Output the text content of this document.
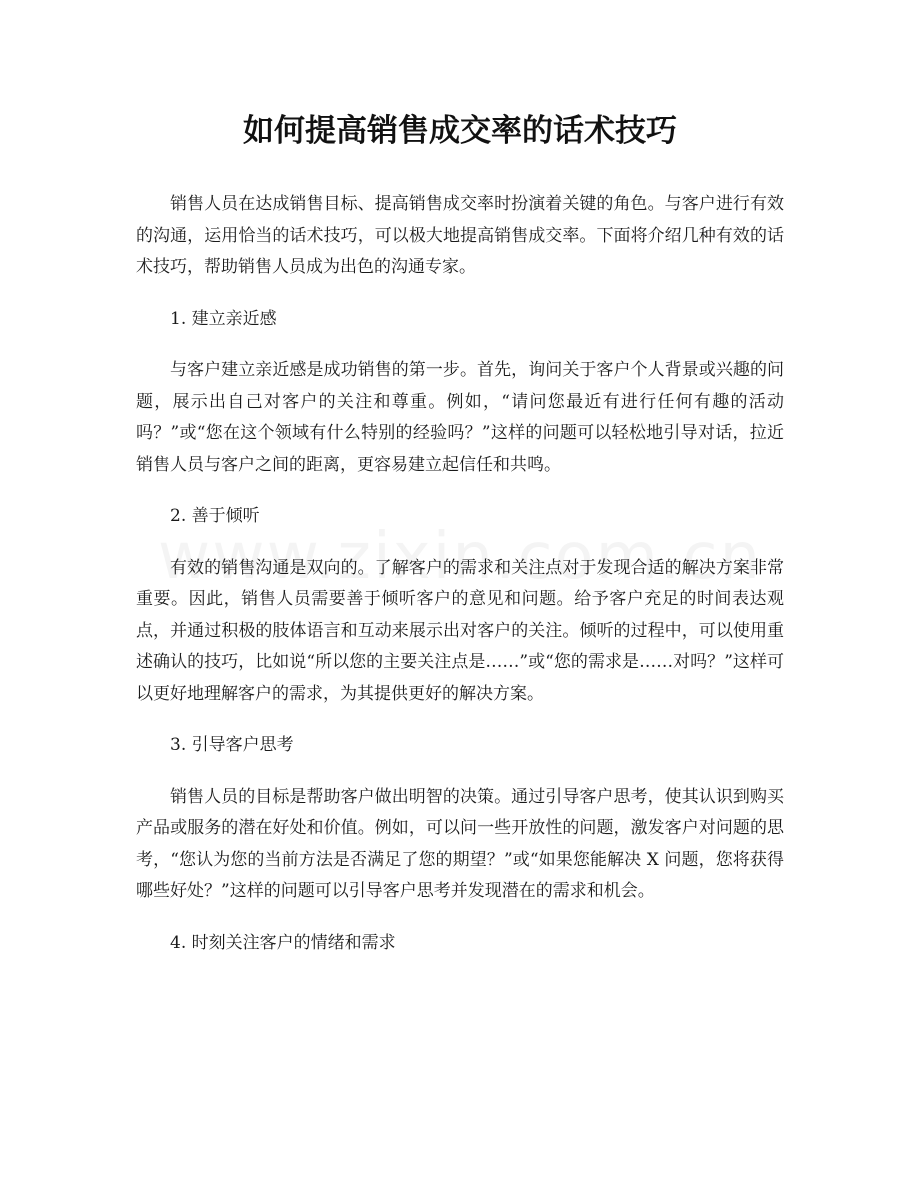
如何提高销售成交率的话术技巧

销售人员在达成销售目标、提高销售成交率时扮演着关键的角色。与客户进行有效的沟通，运用恰当的话术技巧，可以极大地提高销售成交率。下面将介绍几种有效的话术技巧，帮助销售人员成为出色的沟通专家。

1. 建立亲近感

与客户建立亲近感是成功销售的第一步。首先，询问关于客户个人背景或兴趣的问题，展示出自己对客户的关注和尊重。例如，“请问您最近有进行任何有趣的活动吗？”或“您在这个领域有什么特别的经验吗？”这样的问题可以轻松地引导对话，拉近销售人员与客户之间的距离，更容易建立起信任和共鸣。

2. 善于倾听

有效的销售沟通是双向的。了解客户的需求和关注点对于发现合适的解决方案非常重要。因此，销售人员需要善于倾听客户的意见和问题。给予客户充足的时间表达观点，并通过积极的肢体语言和互动来展示出对客户的关注。倾听的过程中，可以使用重述确认的技巧，比如说“所以您的主要关注点是……”或“您的需求是……对吗？”这样可以更好地理解客户的需求，为其提供更好的解决方案。

3. 引导客户思考

销售人员的目标是帮助客户做出明智的决策。通过引导客户思考，使其认识到购买产品或服务的潜在好处和价值。例如，可以问一些开放性的问题，激发客户对问题的思考，“您认为您的当前方法是否满足了您的期望？”或“如果您能解决 X 问题，您将获得哪些好处？”这样的问题可以引导客户思考并发现潜在的需求和机会。

4. 时刻关注客户的情绪和需求
